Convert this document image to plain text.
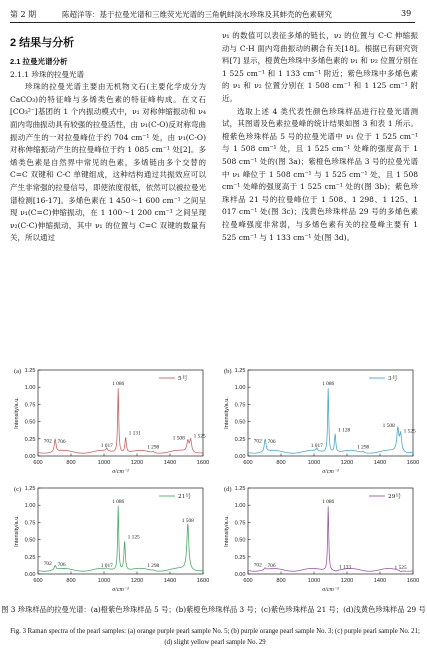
第 2 期	陈超洋等：基于拉曼光谱和三维荧光光谱的三角帆蚌淡水珍珠及其蚌壳的色素研究	39
2 结果与分析
2.1 拉曼光谱分析
2.1.1 珍珠的拉曼光谱

珍珠的拉曼光谱主要由无机物文石(主要化学成分为 CaCO₃)的特征峰与多烯类色素的特征峰构成。在文石[CO₃²⁻]基团的 1 个内振动模式中，ν₁ 对称伸缩振动和 ν₄ 面内弯曲振动具有较强的拉曼活性，由 ν₁(C-O)反对称弯曲振动产生的一对拉曼峰位于约 704 cm⁻¹ 处，由 ν₁(C-O)对称伸缩振动产生的拉曼峰位于约 1 085 cm⁻¹ 处[2]。多烯类色素是自然界中常见的色素，多烯链由多个交替的 C=C 双键和 C-C 单键组成，这种结构通过共振效应可以产生非常强的拉曼信号，即使浓度很低，依然可以被拉曼光谱检测[16-17]。多烯色素在 1 450～1 600 cm⁻¹ 之间呈现 ν₁(C=C)伸缩振动，在 1 100～1 200 cm⁻¹ 之间呈现 ν₂(C-C)伸缩振动，其中 ν₁ 的位置与 C=C 双键的数量有关，所以通过

ν₁ 的数值可以表征多烯的链长，ν₂ 的位置与 C-C 伸缩振动与 C-H 面内弯曲振动的耦合有关[18]。根据已有研究资料[7] 显示，橙黄色珍珠中多烯色素的 ν₁ 和 ν₂ 位置分别在 1 525 cm⁻¹ 和 1 133 cm⁻¹ 附近；紫色珍珠中多烯色素的 ν₁ 和 ν₂ 位置分别在 1 508 cm⁻¹ 和 1 125 cm⁻¹ 附近。

选取上述 4 类代表性颜色珍珠样品进行拉曼光谱测试，其图谱及色素拉曼峰的统计结果如图 3 和表 1 所示。橙紫色珍珠样品 5 号的拉曼光谱中 ν₁ 位于 1 525 cm⁻¹ 与 1 508 cm⁻¹ 处，且 1 525 cm⁻¹ 处峰的强度高于 1 508 cm⁻¹ 处的(图 3a)；紫橙色珍珠样品 3 号的拉曼光谱中 ν₁ 峰位于 1 508 cm⁻¹ 与 1 525 cm⁻¹ 处，且 1 508 cm⁻¹ 处峰的强度高于 1 525 cm⁻¹ 处的(图 3b)；紫色珍珠样品 21 号的拉曼峰位于 1 508、1 298、1 125、1 017 cm⁻¹ 处(图 3c)；浅黄色珍珠样品 29 号的多烯色素拉曼峰强度非常弱，与多烯色素有关的拉曼峰主要有 1 525 cm⁻¹ 与 1 133 cm⁻¹ 处(图 3d)。

600	800	1000	1200	1400	1600
0.00
0.25
0.50
0.75
1.00
1.25
σ/cm⁻¹
Intensity/a.u.
(a)
5号
702 706
1 017
1 086
1 131
1 298
1 508 1 525
600	800	1000	1200	1400	1600
0.00
0.25
0.50
0.75
1.00
1.25
σ/cm⁻¹
Intensity/a.u.
(b)
3号
702 706
1 017
1 086
1 128
1 298
1 508
1 525
600	800	1000	1200	1400	1600
0.00
0.25
0.50
0.75
1.00
1.25
σ/cm⁻¹
Intensity/a.u.
(c)
21号
702 706	1 017
1 086
1 125
1 298
1 508
600	800	1000	1200	1400	1600
0.00
0.25
0.50
0.75
1.00
1.25
σ/cm⁻¹
Intensity/a.u.
(d)
29号
702 706
1 086
1 133	1 525
图 3 珍珠样品的拉曼光谱：(a)橙紫色珍珠样品 5 号；(b)紫橙色珍珠样品 3 号；(c)紫色珍珠样品 21 号；(d)浅黄色珍珠样品 29 号
Fig. 3 Raman spectra of the pearl samples: (a) orange purple pearl sample No. 5; (b) purple orange pearl sample No. 3; (c) purple pearl sample No. 21; (d) slight yellow pearl sample No. 29
